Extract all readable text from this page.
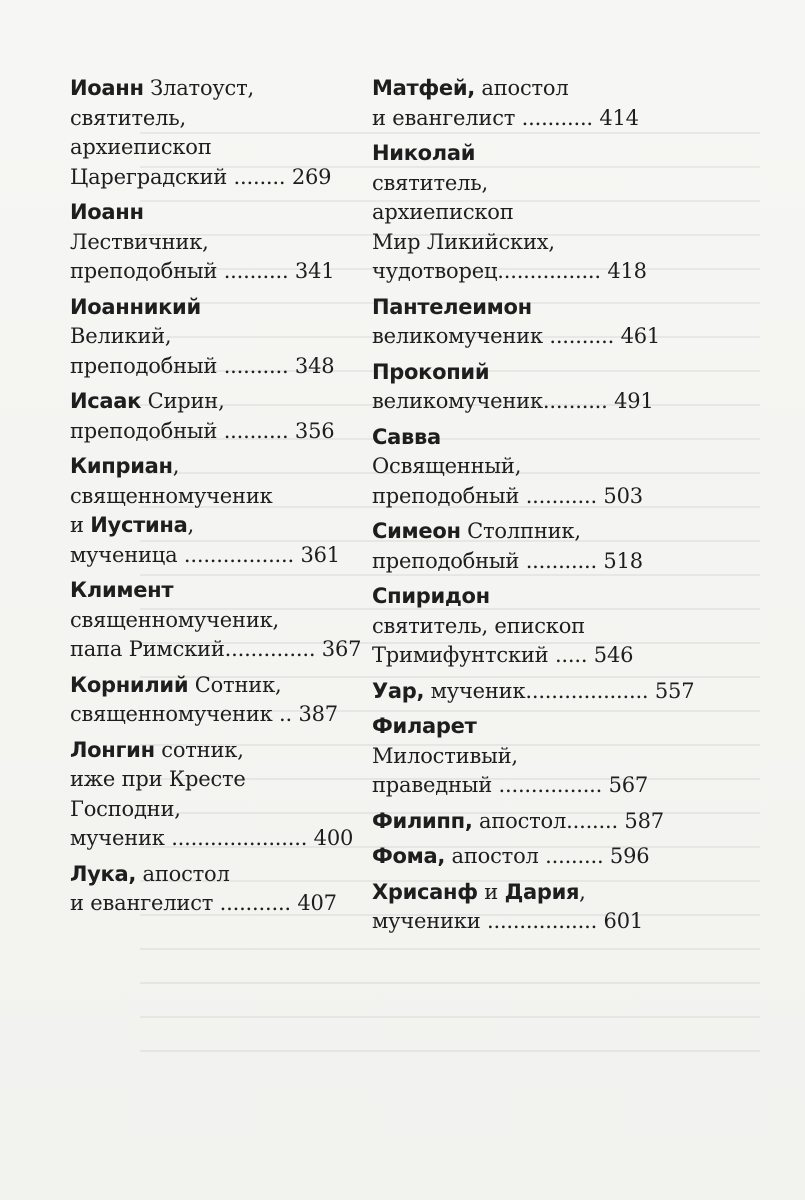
Иоанн Златоуст,
святитель,
архиепископ
Цареградский ........ 269
Иоанн
Лествичник,
преподобный .......... 341
Иоанникий
Великий,
преподобный .......... 348
Исаак Сирин,
преподобный .......... 356
Киприан,
священномученик
и Иустина,
мученица ................. 361
Климент
священномученик,
папа Римский.............. 367
Корнилий Сотник,
священномученик .. 387
Лонгин сотник,
иже при Кресте
Господни,
мученик ..................... 400
Лука, апостол
и евангелист ........... 407
Матфей, апостол
и евангелист ........... 414
Николай
святитель,
архиепископ
Мир Ликийских,
чудотворец................ 418
Пантелеимон
великомученик .......... 461
Прокопий
великомученик.......... 491
Савва
Освященный,
преподобный ........... 503
Симеон Столпник,
преподобный ........... 518
Спиридон
святитель, епископ
Тримифунтский ..... 546
Уар, мученик................... 557
Филарет
Милостивый,
праведный ................ 567
Филипп, апостол........ 587
Фома, апостол ......... 596
Хрисанф и Дария,
мученики ................. 601
